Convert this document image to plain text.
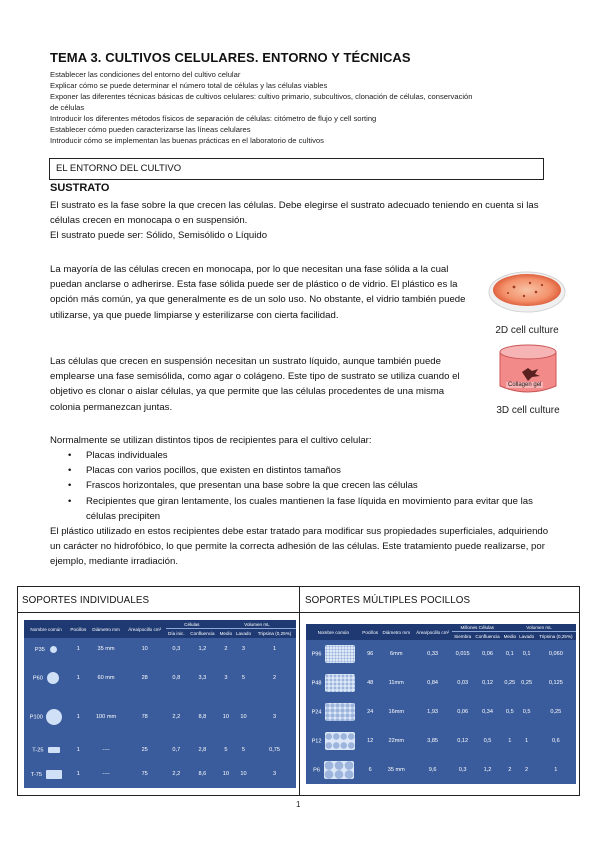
TEMA 3. CULTIVOS CELULARES. ENTORNO Y TÉCNICAS
Establecer las condiciones del entorno del cultivo celular
Explicar cómo se puede determinar el número total de células y las células viables
Exponer las diferentes técnicas básicas de cultivos celulares: cultivo primario, subcultivos, clonación de células, conservación
de células
Introducir los diferentes métodos físicos de separación de células: citómetro de flujo y cell sorting
Establecer cómo pueden caracterizarse las líneas celulares
Introducir cómo se implementan las buenas prácticas en el laboratorio de cultivos
EL ENTORNO DEL CULTIVO
SUSTRATO
El sustrato es la fase sobre la que crecen las células. Debe elegirse el sustrato adecuado teniendo en cuenta si las células crecen en monocapa o en suspensión.
El sustrato puede ser: Sólido, Semisólido o Líquido
La mayoría de las células crecen en monocapa, por lo que necesitan una fase sólida a la cual puedan anclarse o adherirse. Esta fase sólida puede ser de plástico o de vidrio. El plástico es la opción más común, ya que generalmente es de un solo uso. No obstante, el vidrio también puede utilizarse, ya que puede limpiarse y esterilizarse con cierta facilidad.
2D cell culture
Las células que crecen en suspensión necesitan un sustrato líquido, aunque también puede emplearse una fase semisólida, como agar o colágeno. Este tipo de sustrato se utiliza cuando el objetivo es clonar o aislar células, ya que permite que las células procedentes de una misma colonia permanezcan juntas.
Collagen gel
3D cell culture
Normalmente se utilizan distintos tipos de recipientes para el cultivo celular:
• Placas individuales
• Placas con varios pocillos, que existen en distintos tamaños
• Frascos horizontales, que presentan una base sobre la que crecen las células
• Recipientes que giran lentamente, los cuales mantienen la fase líquida en movimiento para evitar que las células precipiten
El plástico utilizado en estos recipientes debe estar tratado para modificar sus propiedades superficiales, adquiriendo un carácter no hidrofóbico, lo que permite la correcta adhesión de las células. Este tratamiento puede realizarse, por ejemplo, mediante irradiación.
SOPORTES INDIVIDUALES	SOPORTES MÚLTIPLES POCILLOS
Nombre común	Pocillos	Diámetro mm	Área/pocillo cm²	Células		Volumen mL		
				Día inic.	Confluencia	Medio	Lavado	Tripsina (0,25%)
P35	1	35 mm	10	0,3	1,2	2	3	1
P60	1	60 mm	28	0,8	3,3	3	5	2
P100	1	100 mm	78	2,2	8,8	10	10	3
T-25	1	----	25	0,7	2,8	5	5	0,75
T-75	1	----	75	2,2	8,6	10	10	3
Nombre común	Pocillos	Diámetro mm	Área/pocillo cm²	Millones Células		Volumen mL		
				Siembra	Confluencia	Medio	Lavado	Tripsina (0,25%)
P96	96	6mm	0,33	0,015	0,06	0,1	0,1	0,060
P48	48	11mm	0,84	0,03	0,12	0,25	0,25	0,125
P24	24	16mm	1,93	0,06	0,34	0,5	0,5	0,25
P12	12	22mm	3,85	0,12	0,5	1	1	0,6
P6	6	35 mm	9,6	0,3	1,2	2	2	1
1
